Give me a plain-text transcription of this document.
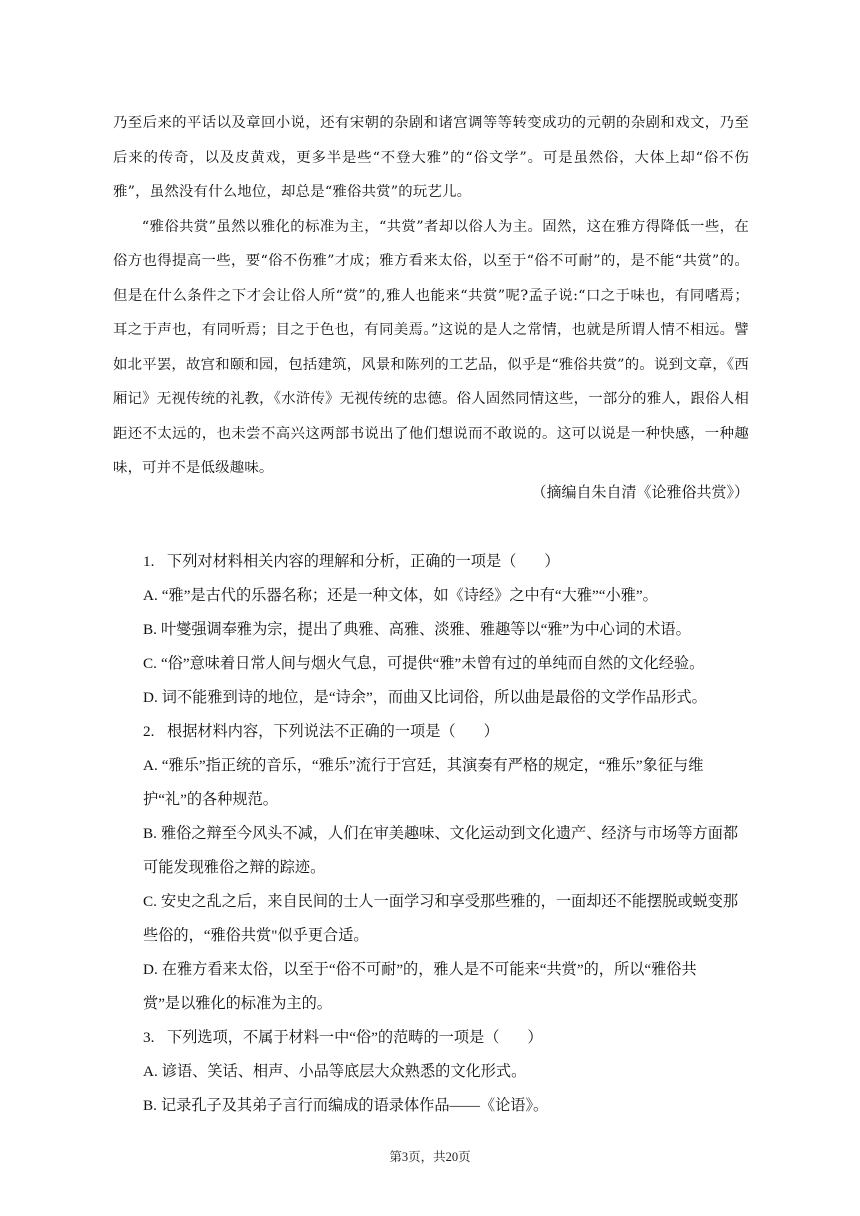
乃至后来的平话以及章回小说，还有宋朝的杂剧和诸宫调等等转变成功的元朝的杂剧和戏文，乃至后来的传奇，以及皮黄戏，更多半是些“不登大雅”的“俗文学”。可是虽然俗，大体上却“俗不伤雅”，虽然没有什么地位，却总是“雅俗共赏”的玩艺儿。

“雅俗共赏”虽然以雅化的标准为主，“共赏”者却以俗人为主。固然，这在雅方得降低一些，在俗方也得提高一些，要“俗不伤雅”才成；雅方看来太俗，以至于“俗不可耐”的，是不能“共赏”的。但是在什么条件之下才会让俗人所“赏”的,雅人也能来“共赏”呢?孟子说:“口之于味也，有同嗜焉；耳之于声也，有同听焉；目之于色也，有同美焉。”这说的是人之常情，也就是所谓人情不相远。譬如北平罢，故宫和颐和园，包括建筑，风景和陈列的工艺品，似乎是“雅俗共赏”的。说到文章，《西厢记》无视传统的礼教，《水浒传》无视传统的忠德。俗人固然同情这些，一部分的雅人，跟俗人相距还不太远的，也未尝不高兴这两部书说出了他们想说而不敢说的。这可以说是一种快感，一种趣味，可并不是低级趣味。

（摘编自朱自清《论雅俗共赏》）

1. 下列对材料相关内容的理解和分析，正确的一项是（ ）

A. “雅”是古代的乐器名称；还是一种文体，如《诗经》之中有“大雅”“小雅”。

B. 叶燮强调奉雅为宗，提出了典雅、高雅、淡雅、雅趣等以“雅”为中心词的术语。

C. “俗”意味着日常人间与烟火气息，可提供“雅”未曾有过的单纯而自然的文化经验。

D. 词不能雅到诗的地位，是“诗余”，而曲又比词俗，所以曲是最俗的文学作品形式。

2. 根据材料内容，下列说法不正确的一项是（ ）

A. “雅乐”指正统的音乐，“雅乐”流行于宫廷，其演奏有严格的规定，“雅乐”象征与维

护“礼”的各种规范。

B. 雅俗之辩至今风头不减，人们在审美趣味、文化运动到文化遗产、经济与市场等方面都

可能发现雅俗之辩的踪迹。

C. 安史之乱之后，来自民间的士人一面学习和享受那些雅的，一面却还不能摆脱或蜕变那

些俗的，“雅俗共赏"似乎更合适。

D. 在雅方看来太俗，以至于“俗不可耐”的，雅人是不可能来“共赏”的，所以“雅俗共

赏”是以雅化的标准为主的。

3. 下列选项，不属于材料一中“俗”的范畴的一项是（ ）

A. 谚语、笑话、相声、小品等底层大众熟悉的文化形式。

B. 记录孔子及其弟子言行而编成的语录体作品——《论语》。

第3页，共20页
